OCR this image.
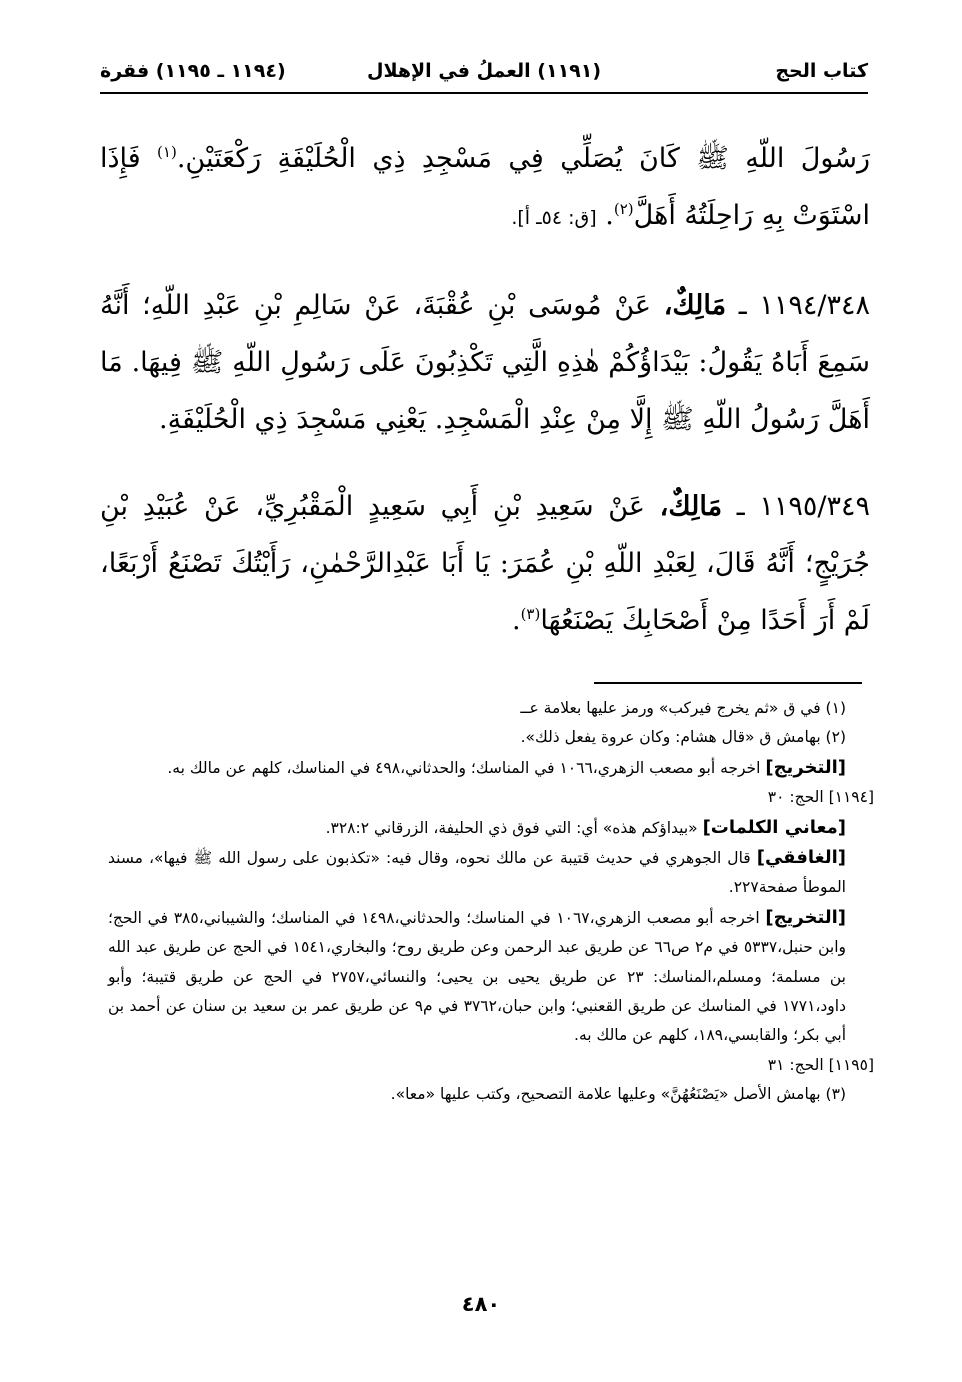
كتاب الحج
(١١٩١) العملُ في الإهلال
(١١٩٤ ـ ١١٩٥) فقرة

رَسُولَ اللّهِ ﷺ كَانَ يُصَلِّي فِي مَسْجِدِ ذِي الْحُلَيْفَةِ رَكْعَتَيْنِ.$^{(١)}$ فَإِذَا اسْتَوَتْ بِهِ رَاحِلَتُهُ أَهَلَّ$^{(٢)}$. [ق: ٥٤ـ أ].

١١٩٤/٣٤٨ ـ مَالِكٌ، عَنْ مُوسَى بْنِ عُقْبَةَ، عَنْ سَالِمِ بْنِ عَبْدِ اللّهِ؛ أَنَّهُ سَمِعَ أَبَاهُ يَقُولُ: بَيْدَاؤُكُمْ هٰذِهِ الَّتِي تَكْذِبُونَ عَلَى رَسُولِ اللّهِ ﷺ فِيهَا. مَا أَهَلَّ رَسُولُ اللّهِ ﷺ إِلَّا مِنْ عِنْدِ الْمَسْجِدِ. يَعْنِي مَسْجِدَ ذِي الْحُلَيْفَةِ.

١١٩٥/٣٤٩ ـ مَالِكٌ، عَنْ سَعِيدِ بْنِ أَبِي سَعِيدٍ الْمَقْبُرِيِّ، عَنْ عُبَيْدِ بْنِ جُرَيْجٍ؛ أَنَّهُ قَالَ، لِعَبْدِ اللّهِ بْنِ عُمَرَ: يَا أَبَا عَبْدِالرَّحْمٰنِ، رَأَيْتُكَ تَصْنَعُ أَرْبَعًا، لَمْ أَرَ أَحَدًا مِنْ أَصْحَابِكَ يَصْنَعُهَا$^{(٣)}$.

(١) في ق «ثم يخرج فيركب» ورمز عليها بعلامة عــ

(٢) بهامش ق «قال هشام: وكان عروة يفعل ذلك».

[التخريج] اخرجه أبو مصعب الزهري،١٠٦٦ في المناسك؛ والحدثاني،٤٩٨ في المناسك، كلهم عن مالك به.

[١١٩٤] الحج: ٣٠

[معاني الكلمات] «بيداؤكم هذه» أي: التي فوق ذي الحليفة، الزرقاني ٣٢٨:٢.

[الغافقي] قال الجوهري في حديث قتيبة عن مالك نحوه، وقال فيه: «تكذبون على رسول الله ﷺ فيها»، مسند الموطأ صفحة٢٢٧.

[التخريج] اخرجه أبو مصعب الزهري،١٠٦٧ في المناسك؛ والحدثاني،١٤٩٨ في المناسك؛ والشيباني،٣٨٥ في الحج؛ وابن حنبل،٥٣٣٧ في م٢ ص٦٦ عن طريق عبد الرحمن وعن طريق روح؛ والبخاري،١٥٤١ في الحج عن طريق عبد الله بن مسلمة؛ ومسلم،المناسك: ٢٣ عن طريق يحيى بن يحيى؛ والنسائي،٢٧٥٧ في الحج عن طريق قتيبة؛ وأبو داود،١٧٧١ في المناسك عن طريق القعنبي؛ وابن حبان،٣٧٦٢ في م٩ عن طريق عمر بن سعيد بن سنان عن أحمد بن أبي بكر؛ والقابسي،١٨٩، كلهم عن مالك به.

[١١٩٥] الحج: ٣١

(٣) بهامش الأصل «يَصْنَعُهُنَّ» وعليها علامة التصحيح، وكتب عليها «معا».

٤٨٠
